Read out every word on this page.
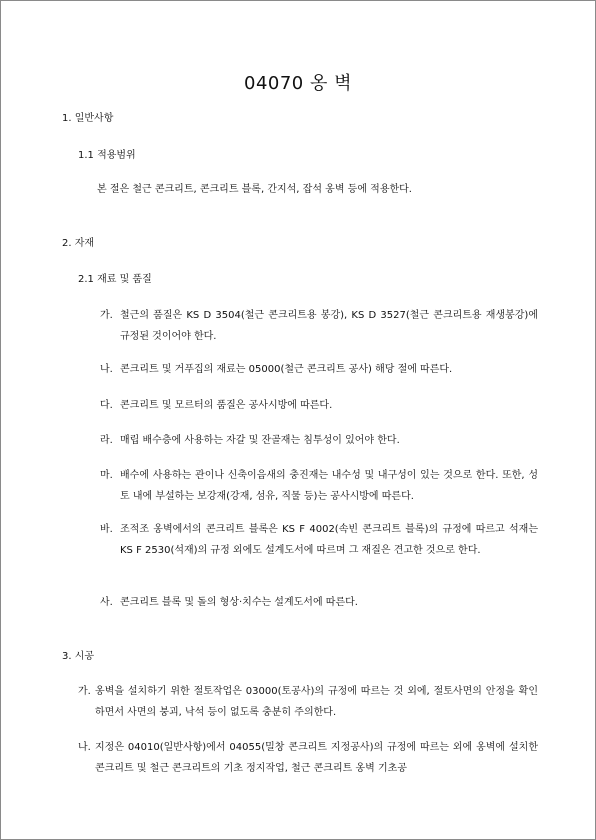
04070 옹 벽
1. 일반사항
1.1 적용범위
본 절은 철근 콘크리트, 콘크리트 블록, 간지석, 잡석 옹벽 등에 적용한다.
2. 자재
2.1 재료 및 품질
가. 철근의 품질은 KS D 3504(철근 콘크리트용 봉강), KS D 3527(철근 콘크리트용 재생봉강)에 규정된 것이어야 한다.
나. 콘크리트 및 거푸집의 재료는 05000(철근 콘크리트 공사) 해당 절에 따른다.
다. 콘크리트 및 모르터의 품질은 공사시방에 따른다.
라. 매립 배수층에 사용하는 자갈 및 잔골재는 침투성이 있어야 한다.
마. 배수에 사용하는 관이나 신축이음새의 충진재는 내수성 및 내구성이 있는 것으로 한다. 또한, 성토 내에 부설하는 보강재(강재, 섬유, 직물 등)는 공사시방에 따른다.
바. 조적조 옹벽에서의 콘크리트 블록은 KS F 4002(속빈 콘크리트 블록)의 규정에 따르고 석재는 KS F 2530(석재)의 규정 외에도 설계도서에 따르며 그 재질은 견고한 것으로 한다.
사. 콘크리트 블록 및 돌의 형상·치수는 설계도서에 따른다.
3. 시공
가. 옹벽을 설치하기 위한 절토작업은 03000(토공사)의 규정에 따르는 것 외에, 절토사면의 안정을 확인하면서 사면의 붕괴, 낙석 등이 없도록 충분히 주의한다.
나. 지정은 04010(일반사항)에서 04055(밀창 콘크리트 지정공사)의 규정에 따르는 외에 옹벽에 설치한 콘크리트 및 철근 콘크리트의 기초 정지작업, 철근 콘크리트 옹벽 기초공
